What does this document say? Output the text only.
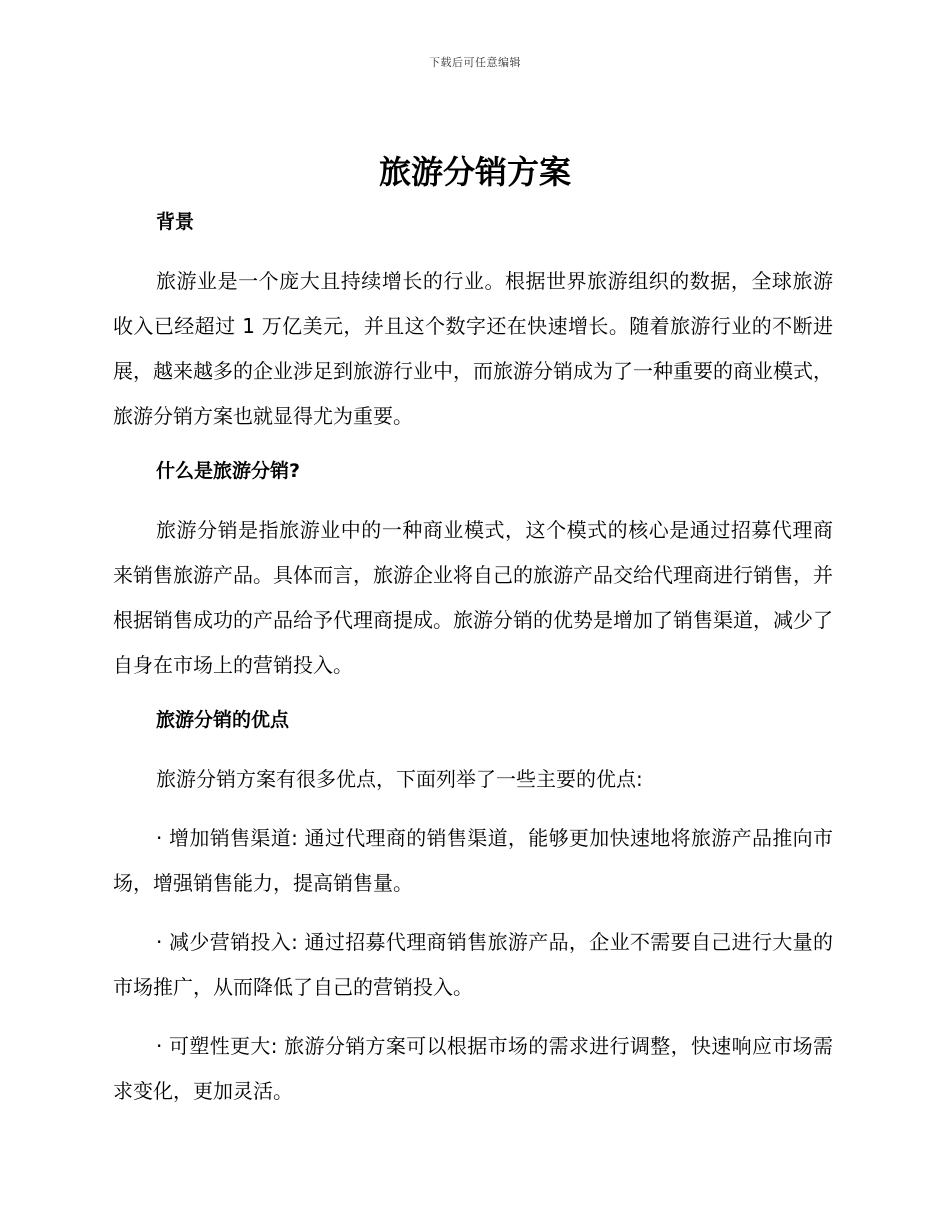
下载后可任意编辑
旅游分销方案
背景
旅游业是一个庞大且持续增长的行业。根据世界旅游组织的数据，全球旅游收入已经超过 1 万亿美元，并且这个数字还在快速增长。随着旅游行业的不断进展，越来越多的企业涉足到旅游行业中，而旅游分销成为了一种重要的商业模式，旅游分销方案也就显得尤为重要。
什么是旅游分销?
旅游分销是指旅游业中的一种商业模式，这个模式的核心是通过招募代理商来销售旅游产品。具体而言，旅游企业将自己的旅游产品交给代理商进行销售，并根据销售成功的产品给予代理商提成。旅游分销的优势是增加了销售渠道，减少了自身在市场上的营销投入。
旅游分销的优点
旅游分销方案有很多优点，下面列举了一些主要的优点:
· 增加销售渠道: 通过代理商的销售渠道，能够更加快速地将旅游产品推向市场，增强销售能力，提高销售量。
· 减少营销投入: 通过招募代理商销售旅游产品，企业不需要自己进行大量的市场推广，从而降低了自己的营销投入。
· 可塑性更大: 旅游分销方案可以根据市场的需求进行调整，快速响应市场需求变化，更加灵活。
